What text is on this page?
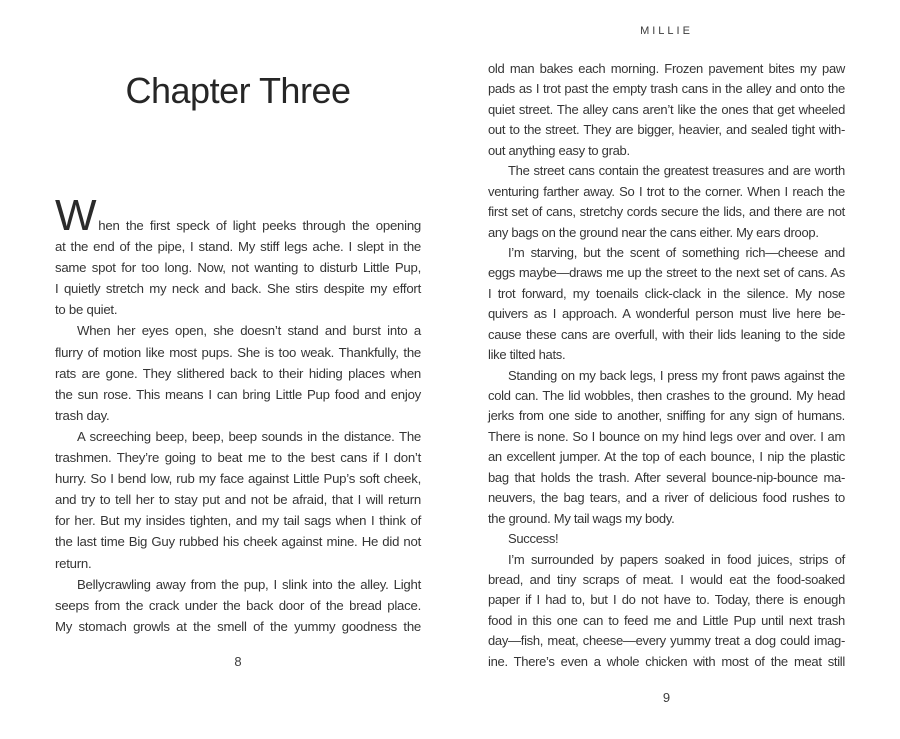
Chapter Three
When the first speck of light peeks through the opening
at the end of the pipe, I stand. My stiff legs ache. I slept in the
same spot for too long. Now, not wanting to disturb Little Pup,
I quietly stretch my neck and back. She stirs despite my effort
to be quiet.
When her eyes open, she doesn’t stand and burst into a
flurry of motion like most pups. She is too weak. Thankfully, the
rats are gone. They slithered back to their hiding places when
the sun rose. This means I can bring Little Pup food and enjoy
trash day.
A screeching beep, beep, beep sounds in the distance. The
trashmen. They’re going to beat me to the best cans if I don’t
hurry. So I bend low, rub my face against Little Pup’s soft cheek,
and try to tell her to stay put and not be afraid, that I will return
for her. But my insides tighten, and my tail sags when I think of
the last time Big Guy rubbed his cheek against mine. He did not
return.
Bellycrawling away from the pup, I slink into the alley. Light
seeps from the crack under the back door of the bread place.
My stomach growls at the smell of the yummy goodness the
8
MILLIE
old man bakes each morning. Frozen pavement bites my paw
pads as I trot past the empty trash cans in the alley and onto the
quiet street. The alley cans aren’t like the ones that get wheeled
out to the street. They are bigger, heavier, and sealed tight with-
out anything easy to grab.
The street cans contain the greatest treasures and are worth
venturing farther away. So I trot to the corner. When I reach the
first set of cans, stretchy cords secure the lids, and there are not
any bags on the ground near the cans either. My ears droop.
I’m starving, but the scent of something rich—cheese and
eggs maybe—draws me up the street to the next set of cans. As
I trot forward, my toenails click-clack in the silence. My nose
quivers as I approach. A wonderful person must live here be-
cause these cans are overfull, with their lids leaning to the side
like tilted hats.
Standing on my back legs, I press my front paws against the
cold can. The lid wobbles, then crashes to the ground. My head
jerks from one side to another, sniffing for any sign of humans.
There is none. So I bounce on my hind legs over and over. I am
an excellent jumper. At the top of each bounce, I nip the plastic
bag that holds the trash. After several bounce-nip-bounce ma-
neuvers, the bag tears, and a river of delicious food rushes to
the ground. My tail wags my body.
Success!
I’m surrounded by papers soaked in food juices, strips of
bread, and tiny scraps of meat. I would eat the food-soaked
paper if I had to, but I do not have to. Today, there is enough
food in this one can to feed me and Little Pup until next trash
day—fish, meat, cheese—every yummy treat a dog could imag-
ine. There’s even a whole chicken with most of the meat still
9
